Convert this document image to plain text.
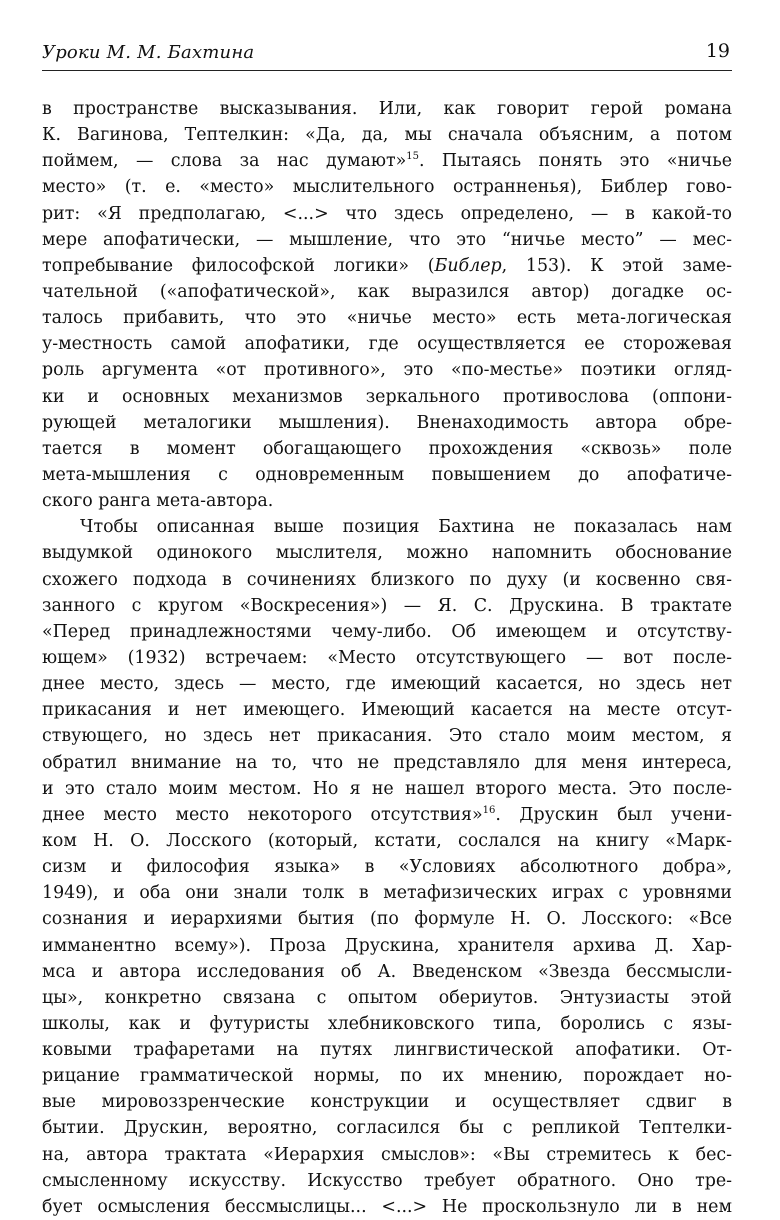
Уроки М. М. Бахтина	19
в пространстве высказывания. Или, как говорит герой романа
К. Вагинова, Тептелкин: «Да, да, мы сначала объясним, а потом
поймем, — слова за нас думают»$^{15}$. Пытаясь понять это «ничье
место» (т. е. «место» мыслительного остранненья), Библер гово-
рит: «Я предполагаю, <...> что здесь определено, — в какой-то
мере апофатически, — мышление, что это “ничье место” — мес-
топребывание философской логики» (Библер, 153). К этой заме-
чательной («апофатической», как выразился автор) догадке ос-
талось прибавить, что это «ничье место» есть мета-логическая
у-местность самой апофатики, где осуществляется ее сторожевая
роль аргумента «от противного», это «по-местье» поэтики огляд-
ки и основных механизмов зеркального противослова (оппони-
рующей металогики мышления). Вненаходимость автора обре-
тается в момент обогащающего прохождения «сквозь» поле
мета-мышления с одновременным повышением до апофатиче-
ского ранга мета-автора.
Чтобы описанная выше позиция Бахтина не показалась нам
выдумкой одинокого мыслителя, можно напомнить обоснование
схожего подхода в сочинениях близкого по духу (и косвенно свя-
занного с кругом «Воскресения») — Я. С. Друскина. В трактате
«Перед принадлежностями чему-либо. Об имеющем и отсутству-
ющем» (1932) встречаем: «Место отсутствующего — вот после-
днее место, здесь — место, где имеющий касается, но здесь нет
прикасания и нет имеющего. Имеющий касается на месте отсут-
ствующего, но здесь нет прикасания. Это стало моим местом, я
обратил внимание на то, что не представляло для меня интереса,
и это стало моим местом. Но я не нашел второго места. Это после-
днее место место некоторого отсутствия»$^{16}$. Друскин был учени-
ком Н. О. Лосского (который, кстати, сослался на книгу «Марк-
сизм и философия языка» в «Условиях абсолютного добра»,
1949), и оба они знали толк в метафизических играх с уровнями
сознания и иерархиями бытия (по формуле Н. О. Лосского: «Все
имманентно всему»). Проза Друскина, хранителя архива Д. Хар-
мса и автора исследования об А. Введенском «Звезда бессмысли-
цы», конкретно связана с опытом обериутов. Энтузиасты этой
школы, как и футуристы хлебниковского типа, боролись с язы-
ковыми трафаретами на путях лингвистической апофатики. От-
рицание грамматической нормы, по их мнению, порождает но-
вые мировоззренческие конструкции и осуществляет сдвиг в
бытии. Друскин, вероятно, согласился бы с репликой Тептелки-
на, автора трактата «Иерархия смыслов»: «Вы стремитесь к бес-
смысленному искусству. Искусство требует обратного. Оно тре-
бует осмысления бессмыслицы... <...> Не проскользнуло ли в нем
